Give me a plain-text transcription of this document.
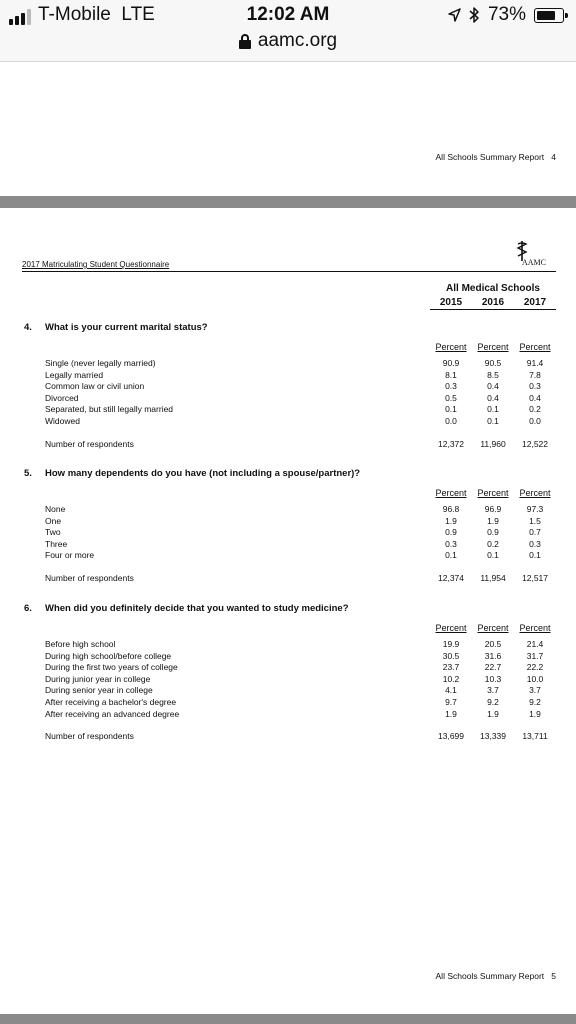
T-Mobile LTE	12:02 AM	73%
aamc.org
All Schools Summary Report 4
2017 Matriculating Student Questionnaire	AAMC
All Medical Schools
2015	2016	2017
4. What is your current marital status?
Percent	Percent	Percent
Single (never legally married)	90.9	90.5	91.4
Legally married	8.1	8.5	7.8
Common law or civil union	0.3	0.4	0.3
Divorced	0.5	0.4	0.4
Separated, but still legally married	0.1	0.1	0.2
Widowed	0.0	0.1	0.0
Number of respondents	12,372	11,960	12,522
5. How many dependents do you have (not including a spouse/partner)?
Percent	Percent	Percent
None	96.8	96.9	97.3
One	1.9	1.9	1.5
Two	0.9	0.9	0.7
Three	0.3	0.2	0.3
Four or more	0.1	0.1	0.1
Number of respondents	12,374	11,954	12,517
6. When did you definitely decide that you wanted to study medicine?
Percent	Percent	Percent
Before high school	19.9	20.5	21.4
During high school/before college	30.5	31.6	31.7
During the first two years of college	23.7	22.7	22.2
During junior year in college	10.2	10.3	10.0
During senior year in college	4.1	3.7	3.7
After receiving a bachelor's degree	9.7	9.2	9.2
After receiving an advanced degree	1.9	1.9	1.9
Number of respondents	13,699	13,339	13,711
All Schools Summary Report 5
